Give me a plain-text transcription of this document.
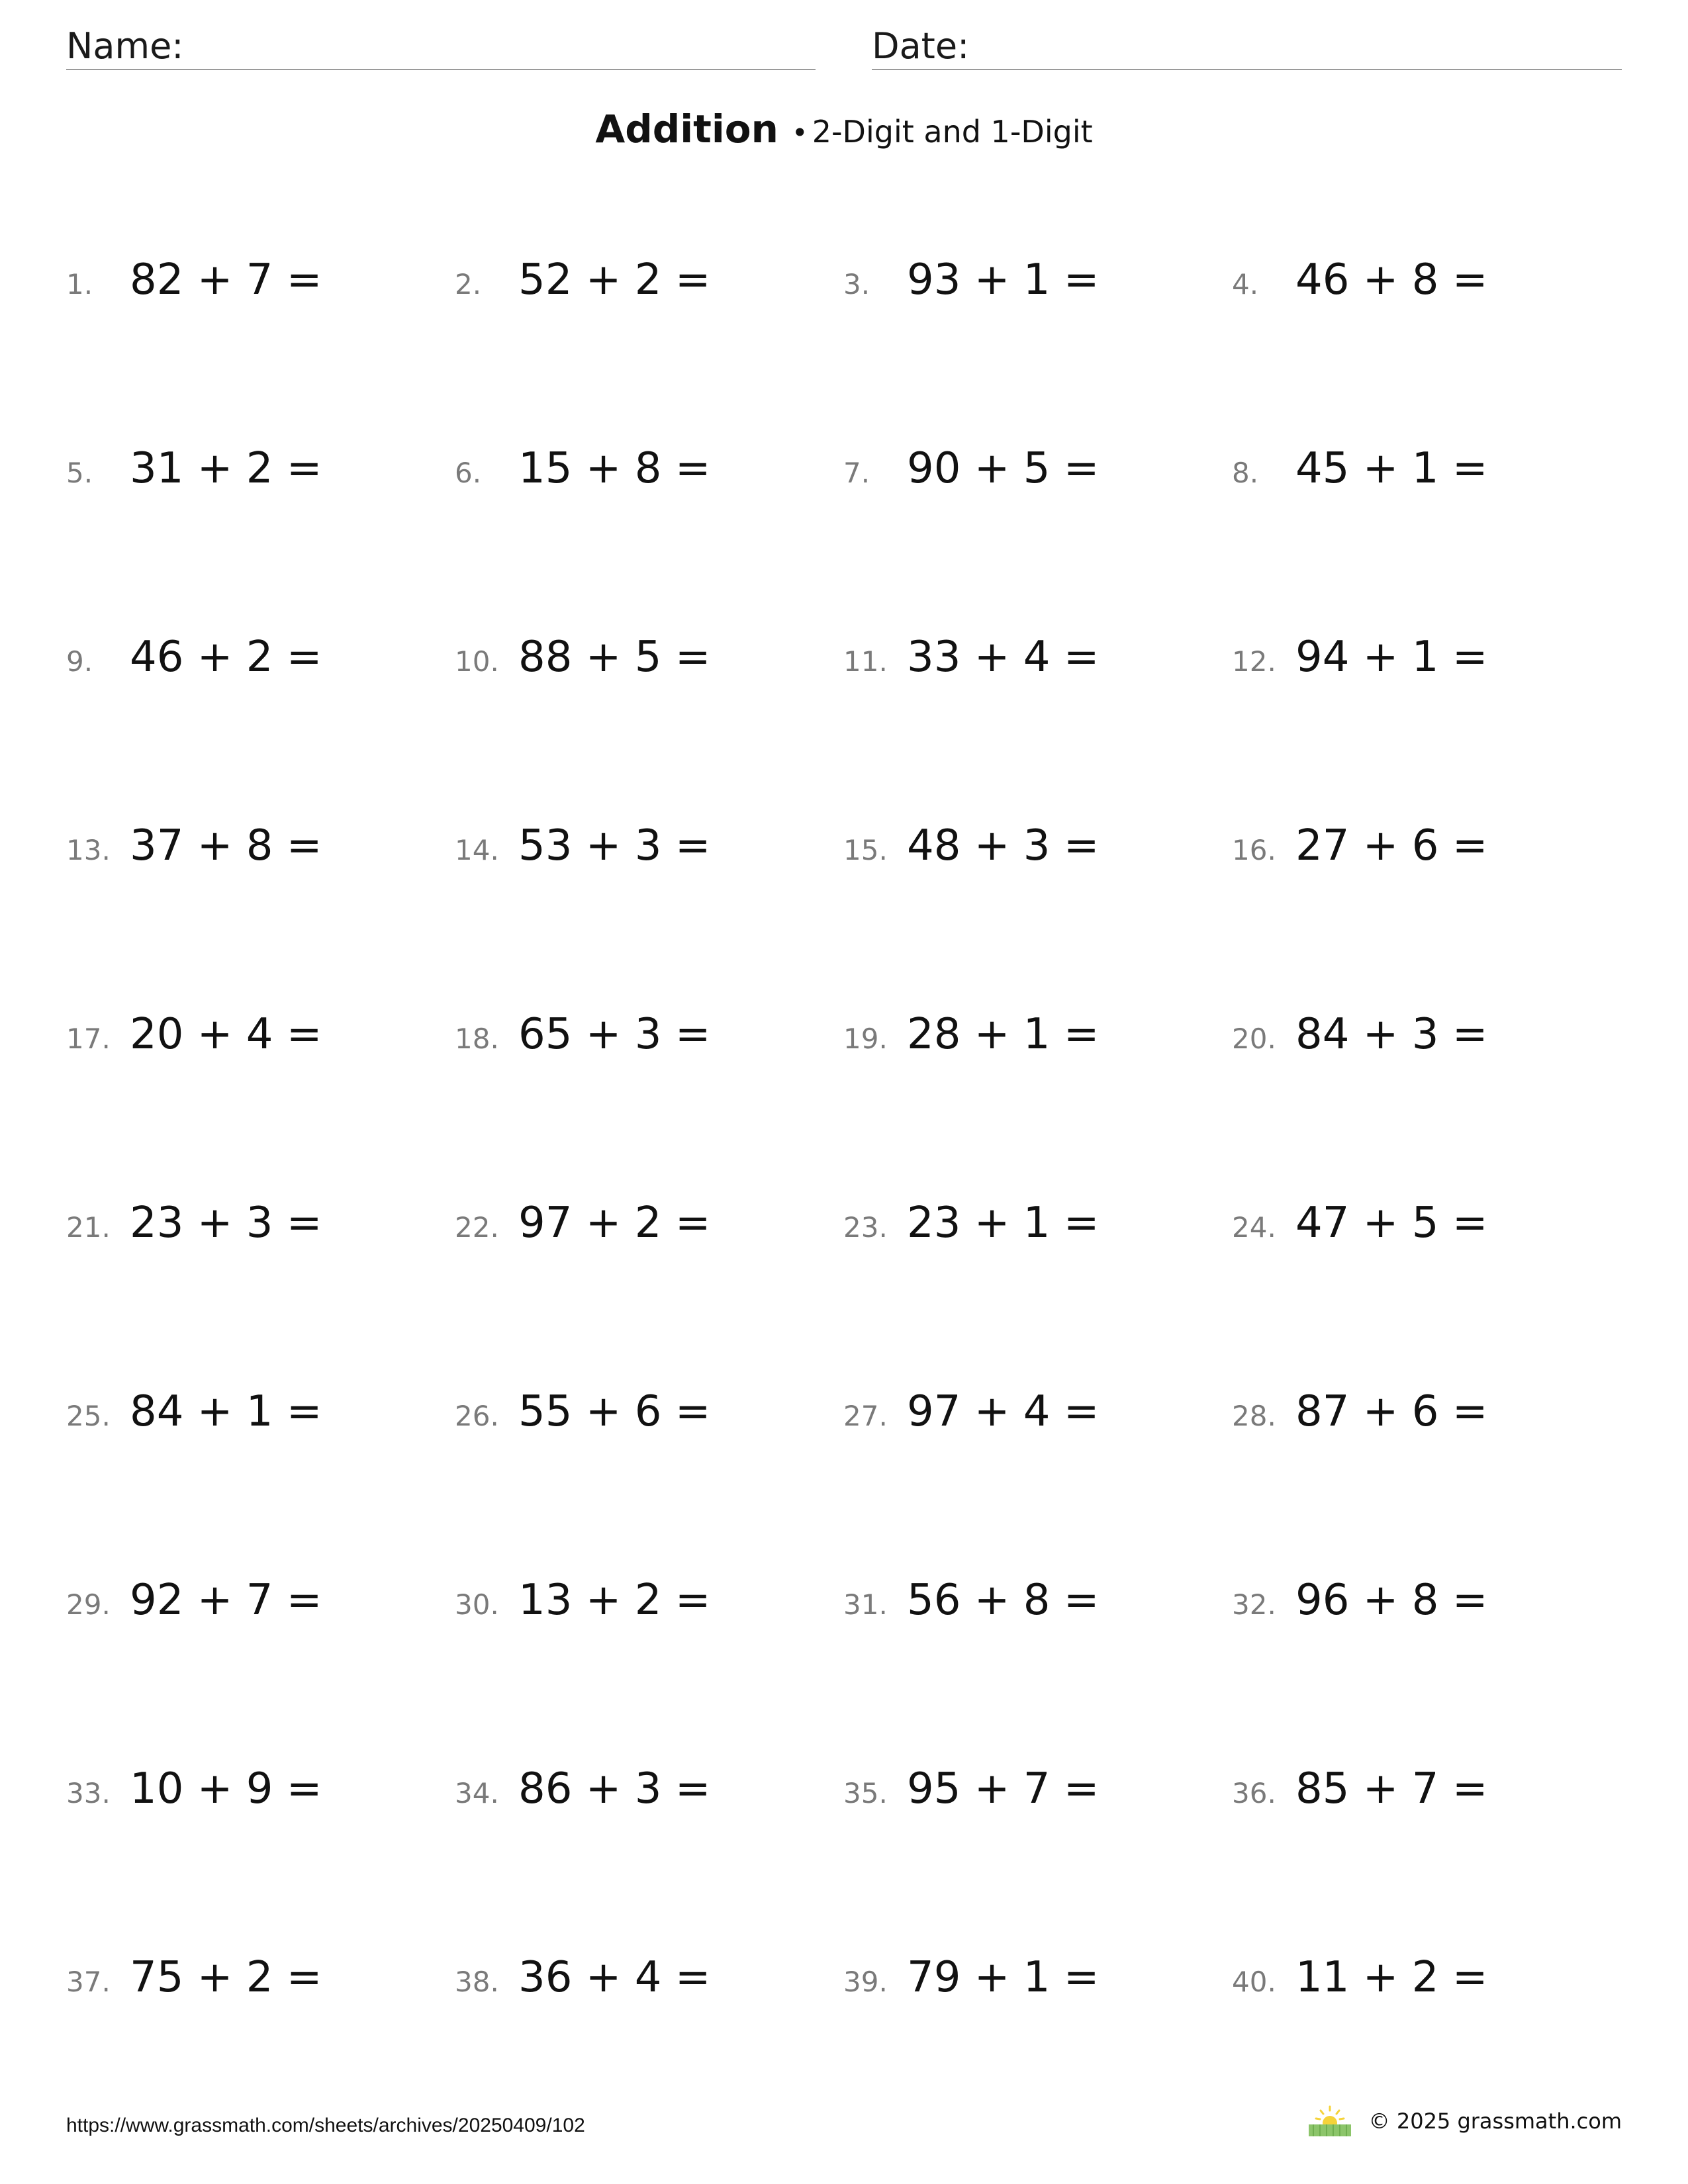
Name:	Date:
Addition • 2-Digit and 1-Digit
1. 82 + 7 =	2. 52 + 2 =	3. 93 + 1 =	4. 46 + 8 =
5. 31 + 2 =	6. 15 + 8 =	7. 90 + 5 =	8. 45 + 1 =
9. 46 + 2 =	10. 88 + 5 =	11. 33 + 4 =	12. 94 + 1 =
13. 37 + 8 =	14. 53 + 3 =	15. 48 + 3 =	16. 27 + 6 =
17. 20 + 4 =	18. 65 + 3 =	19. 28 + 1 =	20. 84 + 3 =
21. 23 + 3 =	22. 97 + 2 =	23. 23 + 1 =	24. 47 + 5 =
25. 84 + 1 =	26. 55 + 6 =	27. 97 + 4 =	28. 87 + 6 =
29. 92 + 7 =	30. 13 + 2 =	31. 56 + 8 =	32. 96 + 8 =
33. 10 + 9 =	34. 86 + 3 =	35. 95 + 7 =	36. 85 + 7 =
37. 75 + 2 =	38. 36 + 4 =	39. 79 + 1 =	40. 11 + 2 =
https://www.grassmath.com/sheets/archives/20250409/102	© 2025 grassmath.com
